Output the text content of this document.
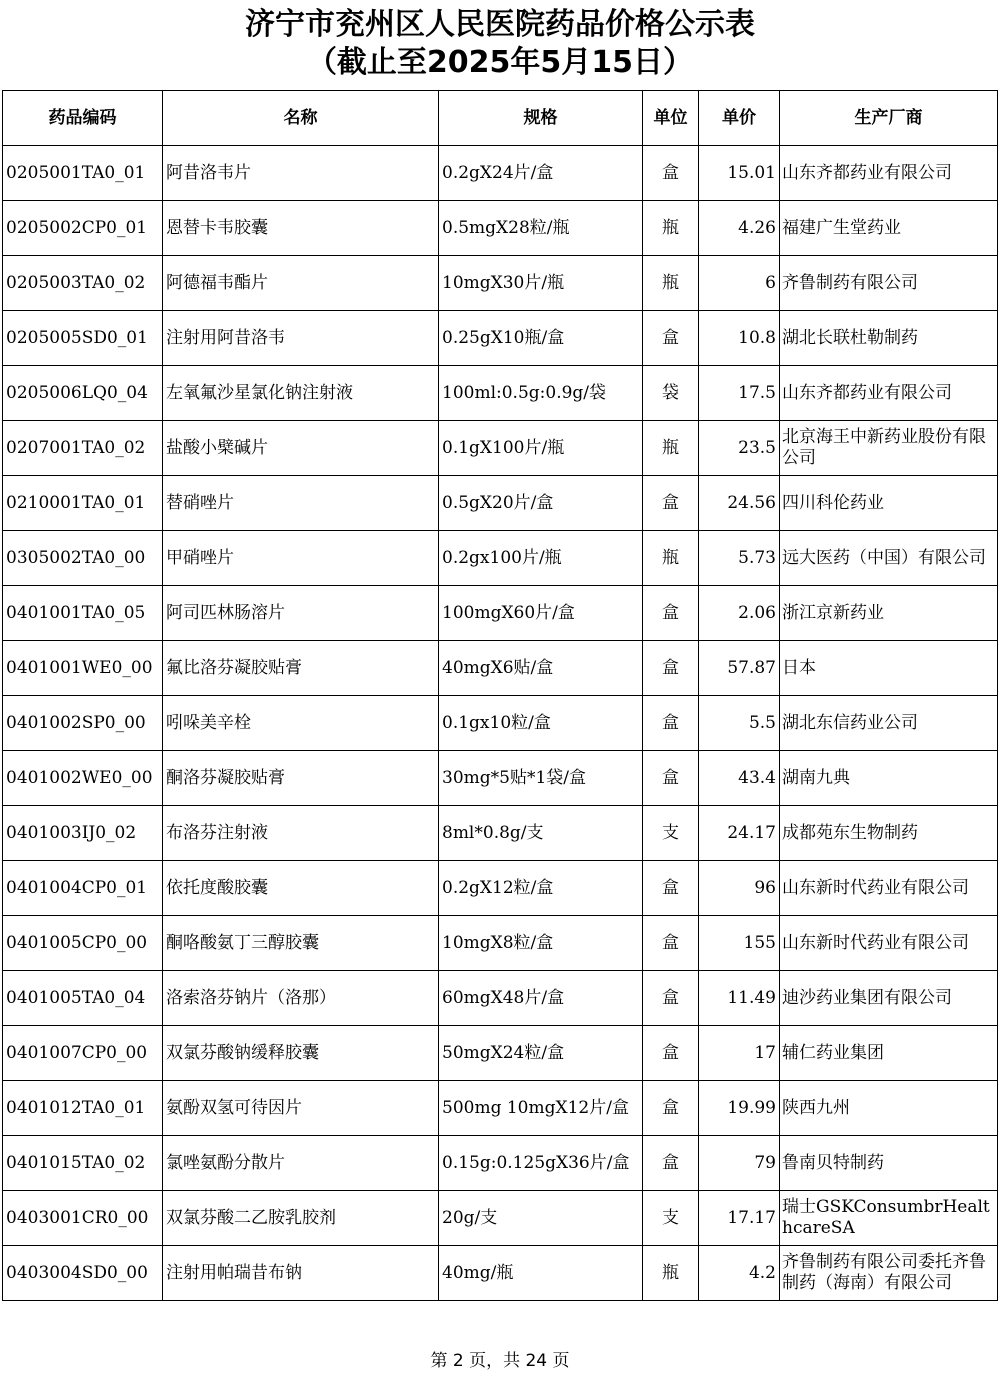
济宁市兖州区人民医院药品价格公示表
（截止至2025年5月15日）
药品编码	名称	规格	单位	单价	生产厂商
0205001TA0_01	阿昔洛韦片	0.2gX24片/盒	盒	15.01	山东齐都药业有限公司
0205002CP0_01	恩替卡韦胶囊	0.5mgX28粒/瓶	瓶	4.26	福建广生堂药业
0205003TA0_02	阿德福韦酯片	10mgX30片/瓶	瓶	6	齐鲁制药有限公司
0205005SD0_01	注射用阿昔洛韦	0.25gX10瓶/盒	盒	10.8	湖北长联杜勒制药
0205006LQ0_04	左氧氟沙星氯化钠注射液	100ml:0.5g:0.9g/袋	袋	17.5	山东齐都药业有限公司
0207001TA0_02	盐酸小檗碱片	0.1gX100片/瓶	瓶	23.5	北京海王中新药业股份有限公司
0210001TA0_01	替硝唑片	0.5gX20片/盒	盒	24.56	四川科伦药业
0305002TA0_00	甲硝唑片	0.2gx100片/瓶	瓶	5.73	远大医药（中国）有限公司
0401001TA0_05	阿司匹林肠溶片	100mgX60片/盒	盒	2.06	浙江京新药业
0401001WE0_00	氟比洛芬凝胶贴膏	40mgX6贴/盒	盒	57.87	日本
0401002SP0_00	吲哚美辛栓	0.1gx10粒/盒	盒	5.5	湖北东信药业公司
0401002WE0_00	酮洛芬凝胶贴膏	30mg*5贴*1袋/盒	盒	43.4	湖南九典
0401003IJ0_02	布洛芬注射液	8ml*0.8g/支	支	24.17	成都苑东生物制药
0401004CP0_01	依托度酸胶囊	0.2gX12粒/盒	盒	96	山东新时代药业有限公司
0401005CP0_00	酮咯酸氨丁三醇胶囊	10mgX8粒/盒	盒	155	山东新时代药业有限公司
0401005TA0_04	洛索洛芬钠片（洛那）	60mgX48片/盒	盒	11.49	迪沙药业集团有限公司
0401007CP0_00	双氯芬酸钠缓释胶囊	50mgX24粒/盒	盒	17	辅仁药业集团
0401012TA0_01	氨酚双氢可待因片	500mg 10mgX12片/盒	盒	19.99	陕西九州
0401015TA0_02	氯唑氨酚分散片	0.15g:0.125gX36片/盒	盒	79	鲁南贝特制药
0403001CR0_00	双氯芬酸二乙胺乳胶剂	20g/支	支	17.17	瑞士GSKConsumbrHealthcareSA
0403004SD0_00	注射用帕瑞昔布钠	40mg/瓶	瓶	4.2	齐鲁制药有限公司委托齐鲁制药（海南）有限公司
第 2 页，共 24 页
